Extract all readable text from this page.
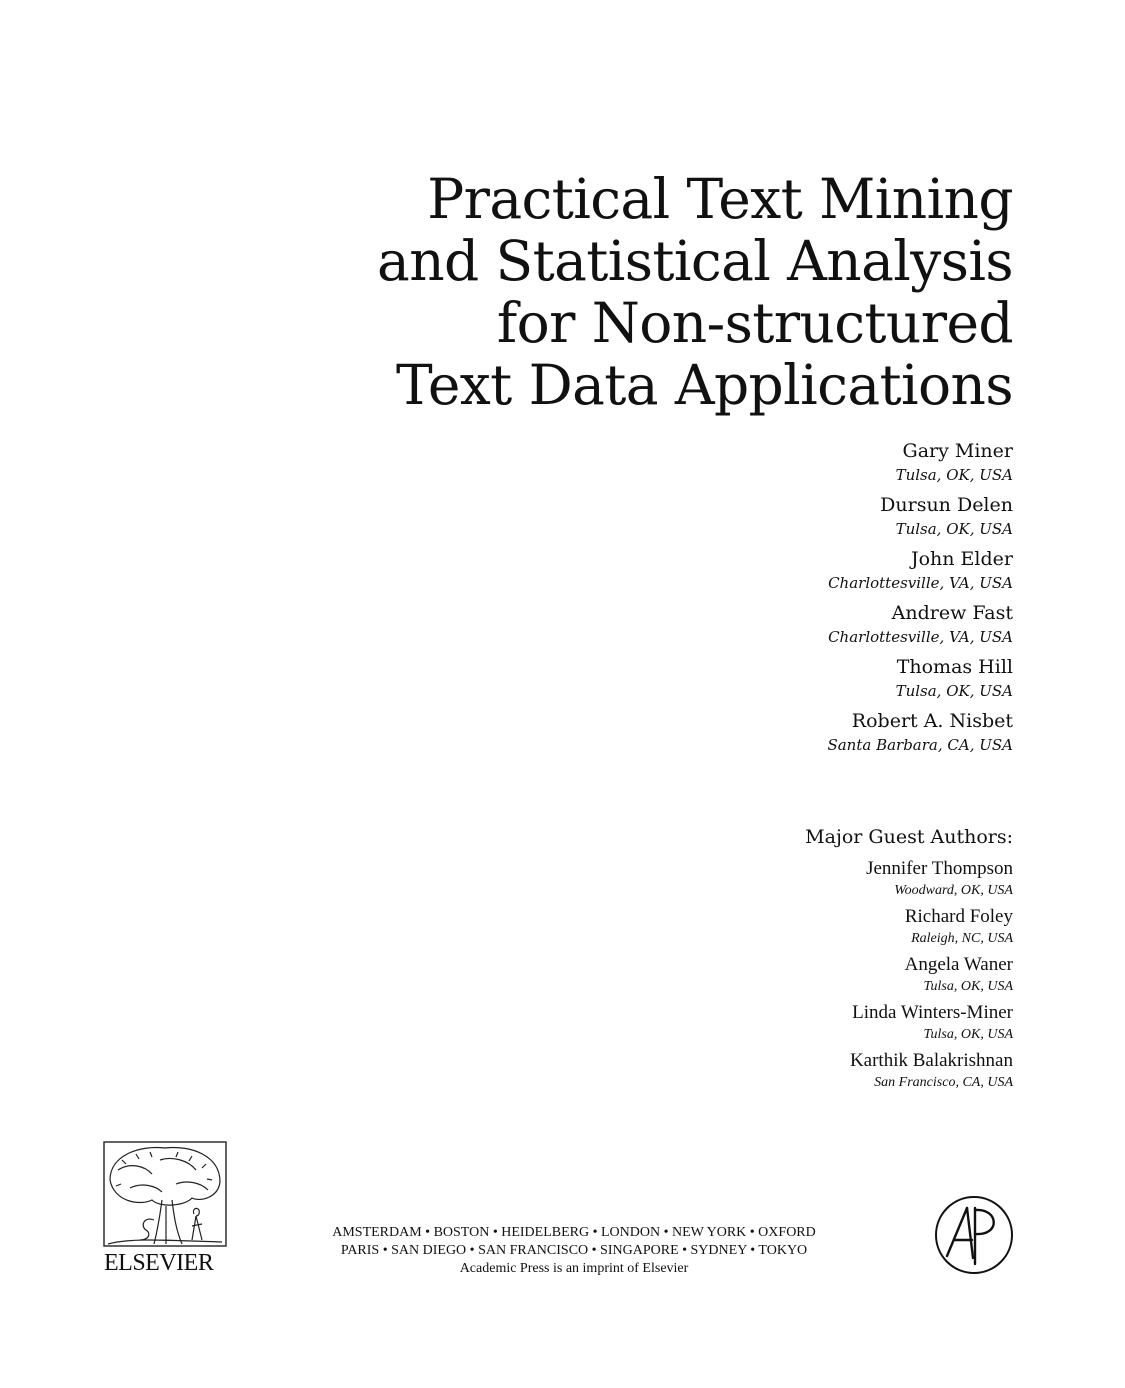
Practical Text Mining
and Statistical Analysis
for Non-structured
Text Data Applications
Gary Miner
Tulsa, OK, USA
Dursun Delen
Tulsa, OK, USA
John Elder
Charlottesville, VA, USA
Andrew Fast
Charlottesville, VA, USA
Thomas Hill
Tulsa, OK, USA
Robert A. Nisbet
Santa Barbara, CA, USA
Major Guest Authors:
Jennifer Thompson
Woodward, OK, USA
Richard Foley
Raleigh, NC, USA
Angela Waner
Tulsa, OK, USA
Linda Winters-Miner
Tulsa, OK, USA
Karthik Balakrishnan
San Francisco, CA, USA
ELSEVIER
AMSTERDAM • BOSTON • HEIDELBERG • LONDON • NEW YORK • OXFORD
PARIS • SAN DIEGO • SAN FRANCISCO • SINGAPORE • SYDNEY • TOKYO
Academic Press is an imprint of Elsevier
